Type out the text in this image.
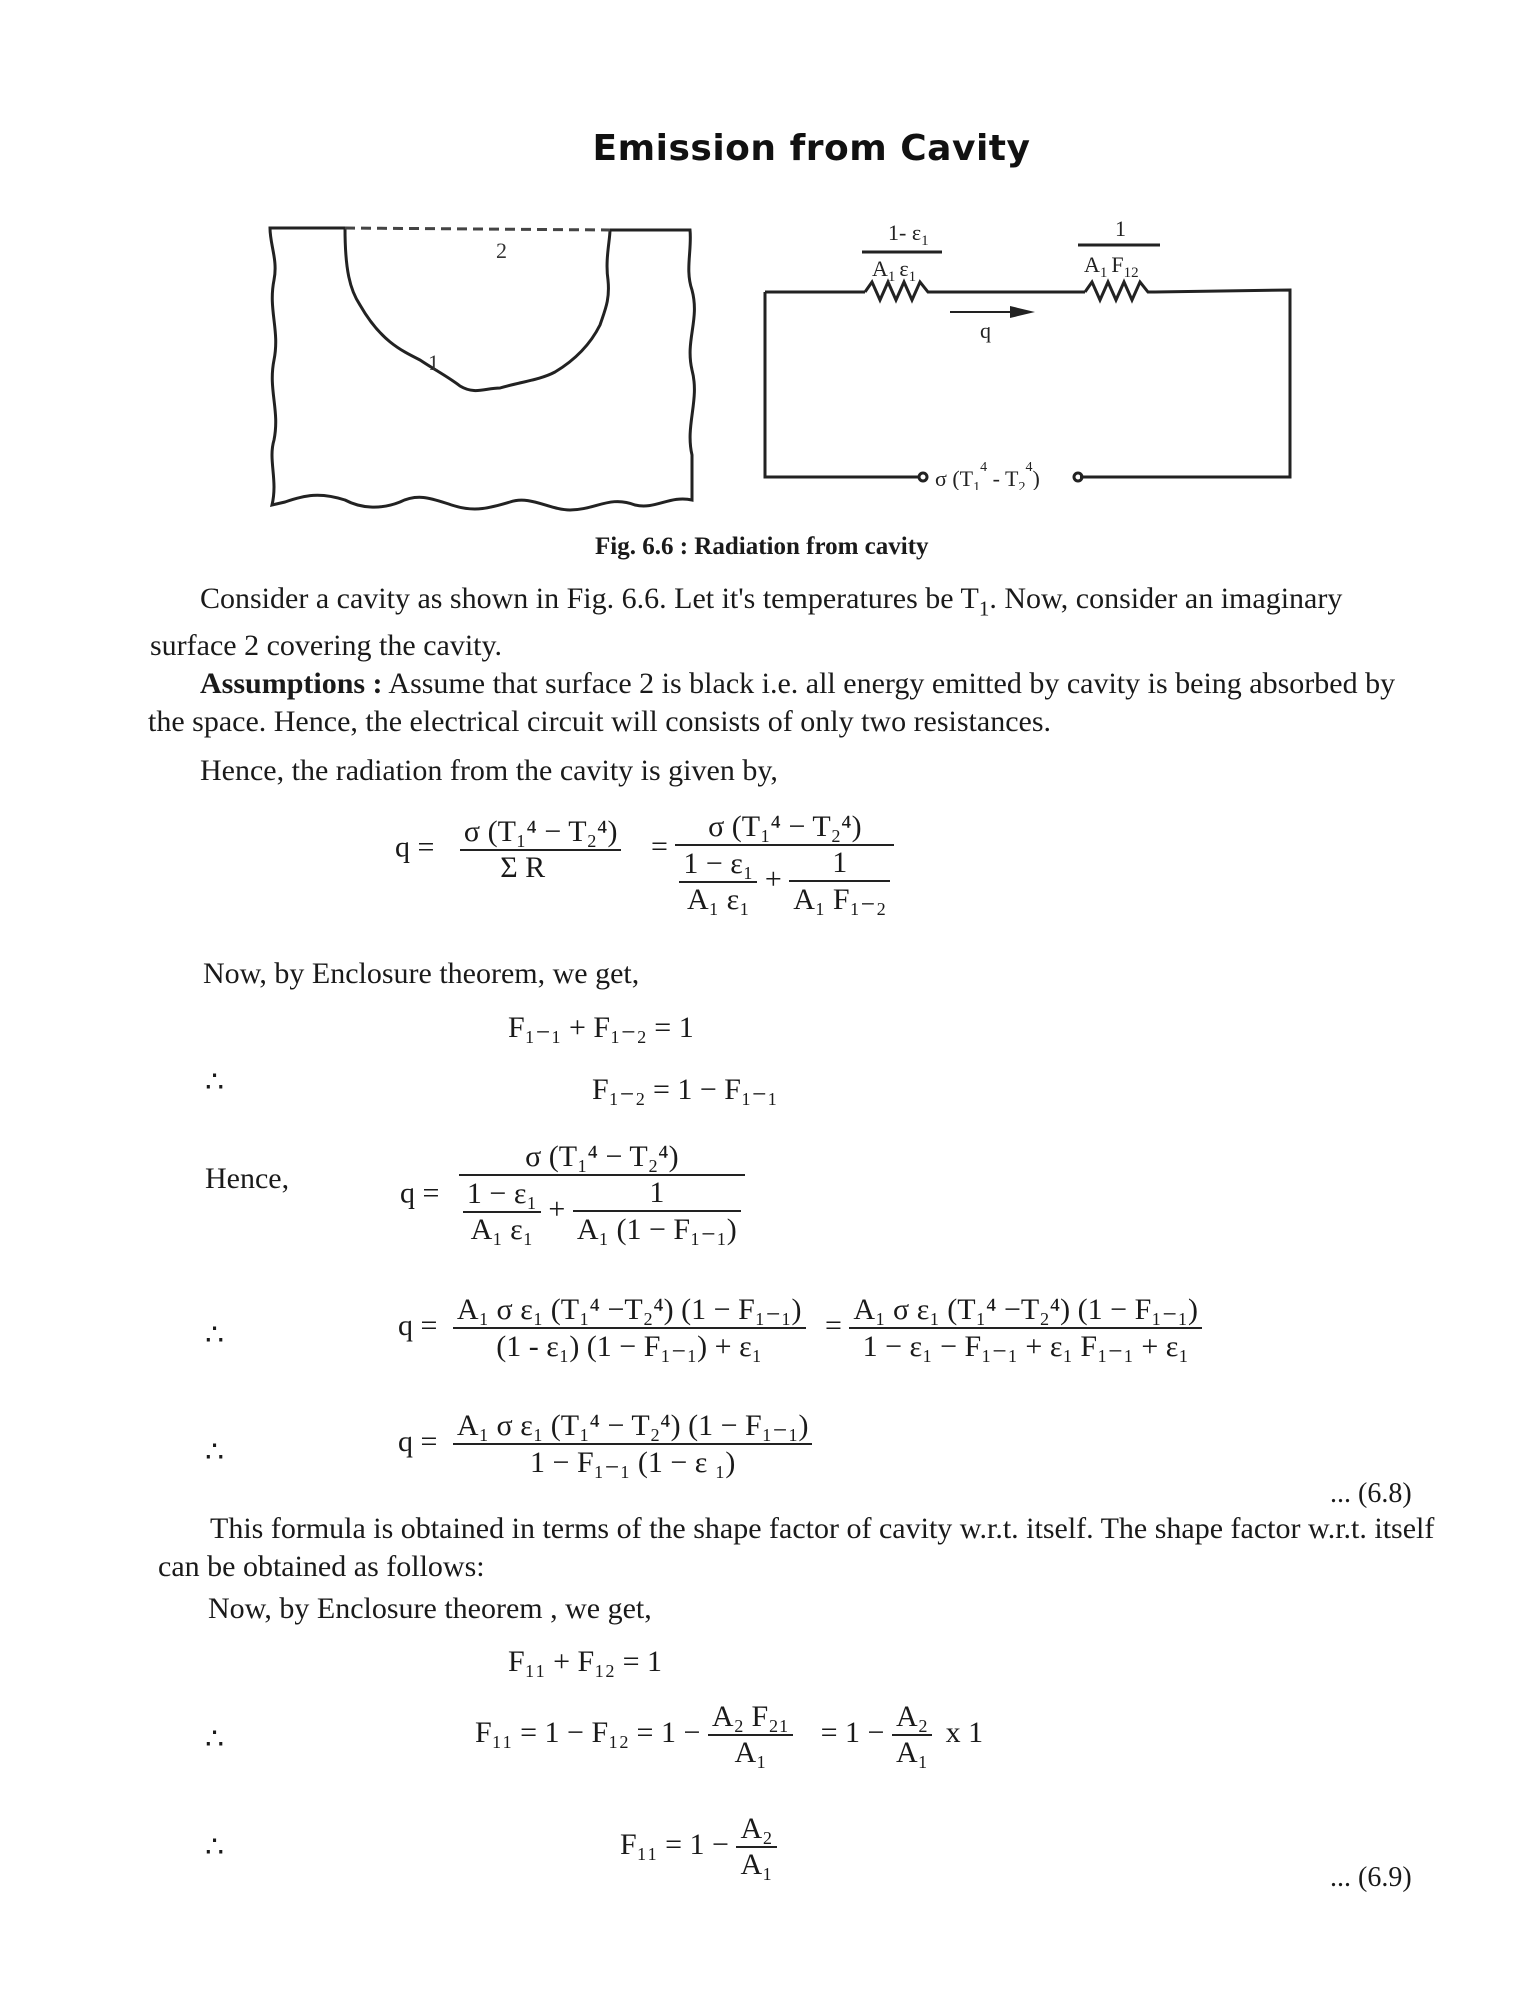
Emission from Cavity
2
1
1- $\varepsilon_1$
$A_1$ $\varepsilon_1$
1
$A_1$ $F_{12}$
q
σ $(T_1^4 - T_2^4)$
Fig. 6.6 : Radiation from cavity
Consider a cavity as shown in Fig. 6.6. Let it's temperatures be $T_1$. Now, consider an imaginary surface 2 covering the cavity.
Assumptions : Assume that surface 2 is black i.e. all energy emitted by cavity is being absorbed by the space. Hence, the electrical circuit will consists of only two resistances.
Hence, the radiation from the cavity is given by,
$q = \frac{\text{σ (T₁⁴ − T₂⁴)}}{\text{Σ R}} = \frac{\text{σ (T₁⁴ − T₂⁴)}}{\frac{\text{1 − ε₁}}{\text{A₁ ε₁}} + \frac{1}{\text{A₁ F₁₋₂}}}$
Now, by Enclosure theorem, we get,
F₁₋₁ + F₁₋₂ = 1
∴	F₁₋₂ = 1 − F₁₋₁
Hence,	$q = \frac{\text{σ (T₁⁴ − T₂⁴)}}{\frac{\text{1 − ε₁}}{\text{A₁ ε₁}} + \frac{1}{\text{A₁ (1 − F₁₋₁)}}}$
∴	$q = \frac{\text{A₁ σ ε₁ (T₁⁴ −T₂⁴) (1 − F₁₋₁)}}{\text{(1 - ε₁) (1 − F₁₋₁) + ε₁}} = \frac{\text{A₁ σ ε₁ (T₁⁴ −T₂⁴) (1 − F₁₋₁)}}{\text{1 − ε₁ − F₁₋₁ + ε₁ F₁₋₁ + ε₁}}$
∴	$q = \frac{\text{A₁ σ ε₁ (T₁⁴ − T₂⁴) (1 − F₁₋₁)}}{\text{1 − F₁₋₁ (1 − ε ₁)}}$
... (6.8)
This formula is obtained in terms of the shape factor of cavity w.r.t. itself. The shape factor w.r.t. itself can be obtained as follows:
Now, by Enclosure theorem , we get,
F₁₁ + F₁₂ = 1
∴	$F_{11} = 1 - F_{12} = 1 - \frac{\text{A₂ F₂₁}}{\text{A₁}} = 1 - \frac{\text{A₂}}{\text{A₁}}$ x 1
∴	$F_{11} = 1 - \frac{\text{A₂}}{\text{A₁}}$	... (6.9)
